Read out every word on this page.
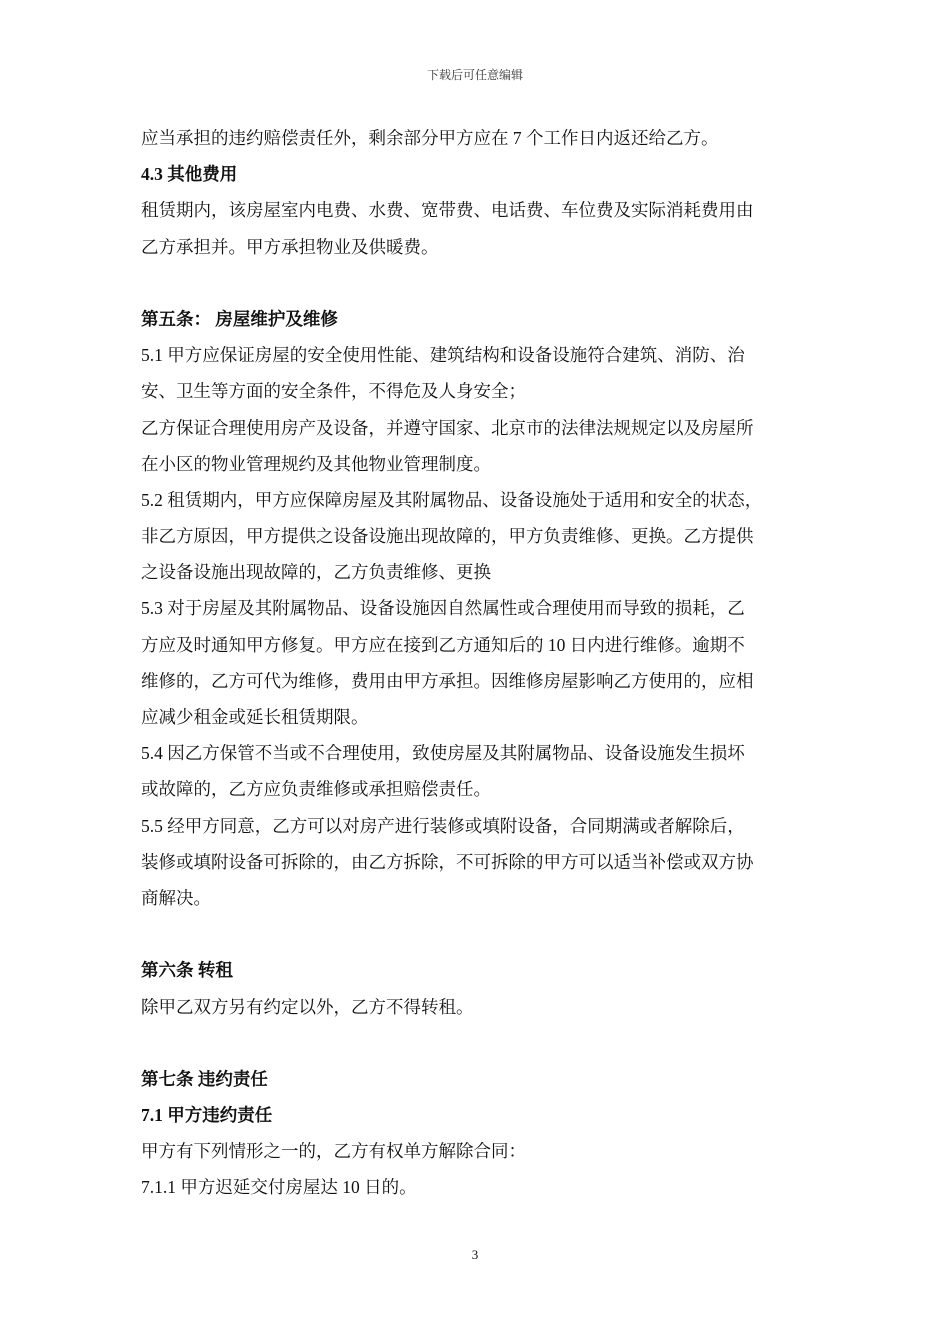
下载后可任意编辑
应当承担的违约赔偿责任外，剩余部分甲方应在 7 个工作日内返还给乙方。
4.3 其他费用
租赁期内，该房屋室内电费、水费、宽带费、电话费、车位费及实际消耗费用由
乙方承担并。甲方承担物业及供暖费。
第五条： 房屋维护及维修
5.1 甲方应保证房屋的安全使用性能、建筑结构和设备设施符合建筑、消防、治
安、卫生等方面的安全条件，不得危及人身安全；
乙方保证合理使用房产及设备，并遵守国家、北京市的法律法规规定以及房屋所
在小区的物业管理规约及其他物业管理制度。
5.2 租赁期内，甲方应保障房屋及其附属物品、设备设施处于适用和安全的状态，
非乙方原因，甲方提供之设备设施出现故障的，甲方负责维修、更换。乙方提供
之设备设施出现故障的，乙方负责维修、更换
5.3 对于房屋及其附属物品、设备设施因自然属性或合理使用而导致的损耗，乙
方应及时通知甲方修复。甲方应在接到乙方通知后的 10 日内进行维修。逾期不
维修的，乙方可代为维修，费用由甲方承担。因维修房屋影响乙方使用的，应相
应减少租金或延长租赁期限。
5.4 因乙方保管不当或不合理使用，致使房屋及其附属物品、设备设施发生损坏
或故障的，乙方应负责维修或承担赔偿责任。
5.5 经甲方同意，乙方可以对房产进行装修或填附设备，合同期满或者解除后，
装修或填附设备可拆除的，由乙方拆除，不可拆除的甲方可以适当补偿或双方协
商解决。
第六条 转租
除甲乙双方另有约定以外，乙方不得转租。
第七条 违约责任
7.1 甲方违约责任
甲方有下列情形之一的，乙方有权单方解除合同：
7.1.1 甲方迟延交付房屋达 10 日的。
3
